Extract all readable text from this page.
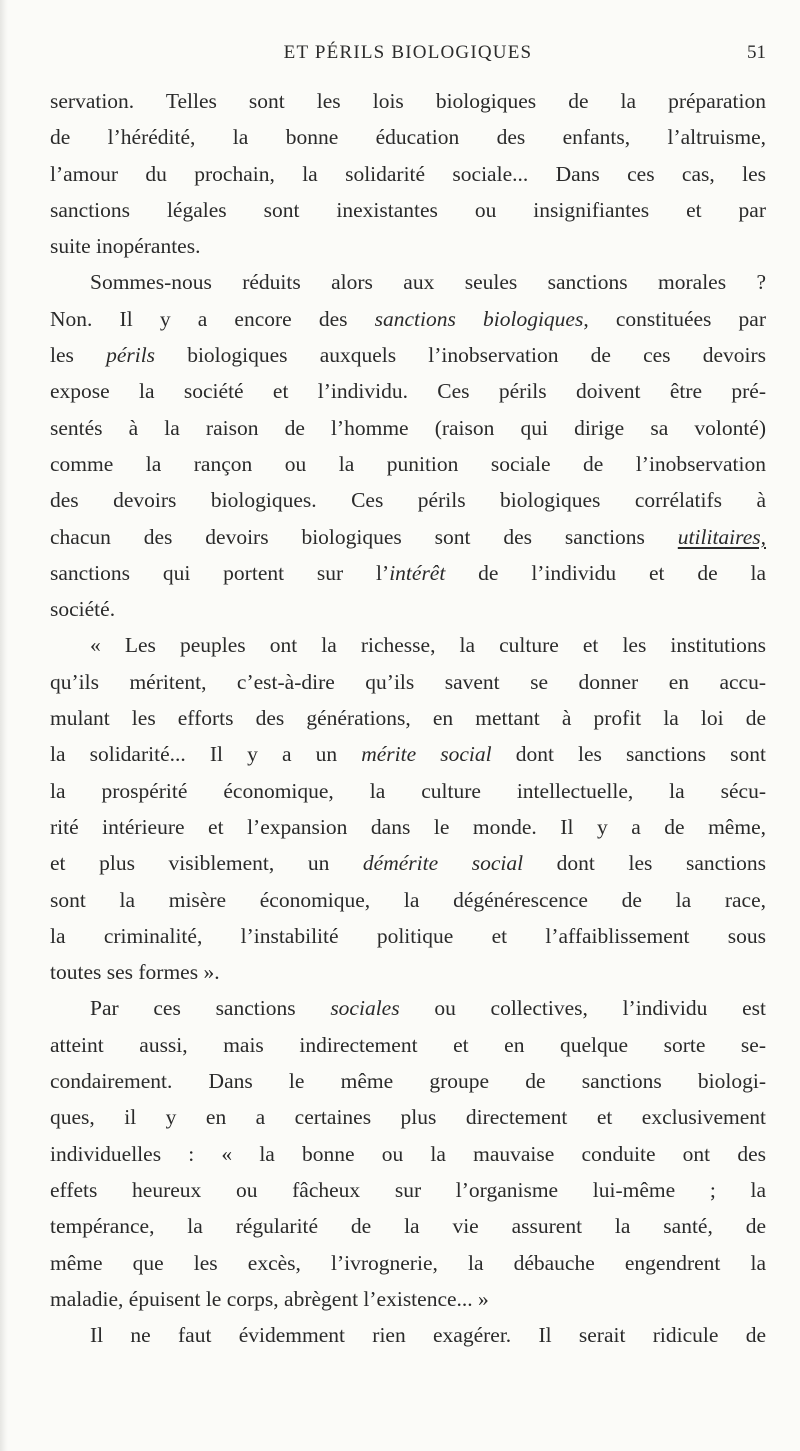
ET PÉRILS BIOLOGIQUES	51
servation. Telles sont les lois biologiques de la préparation
de l’hérédité, la bonne éducation des enfants, l’altruisme,
l’amour du prochain, la solidarité sociale... Dans ces cas, les
sanctions légales sont inexistantes ou insignifiantes et par
suite inopérantes.
Sommes-nous réduits alors aux seules sanctions morales ?
Non. Il y a encore des sanctions biologiques, constituées par
les périls biologiques auxquels l’inobservation de ces devoirs
expose la société et l’individu. Ces périls doivent être pré-
sentés à la raison de l’homme (raison qui dirige sa volonté)
comme la rançon ou la punition sociale de l’inobservation
des devoirs biologiques. Ces périls biologiques corrélatifs à
chacun des devoirs biologiques sont des sanctions utilitaires,
sanctions qui portent sur l’intérêt de l’individu et de la
société.
« Les peuples ont la richesse, la culture et les institutions
qu’ils méritent, c’est-à-dire qu’ils savent se donner en accu-
mulant les efforts des générations, en mettant à profit la loi de
la solidarité... Il y a un mérite social dont les sanctions sont
la prospérité économique, la culture intellectuelle, la sécu-
rité intérieure et l’expansion dans le monde. Il y a de même,
et plus visiblement, un démérite social dont les sanctions
sont la misère économique, la dégénérescence de la race,
la criminalité, l’instabilité politique et l’affaiblissement sous
toutes ses formes ».
Par ces sanctions sociales ou collectives, l’individu est
atteint aussi, mais indirectement et en quelque sorte se-
condairement. Dans le même groupe de sanctions biologi-
ques, il y en a certaines plus directement et exclusivement
individuelles : « la bonne ou la mauvaise conduite ont des
effets heureux ou fâcheux sur l’organisme lui-même ; la
tempérance, la régularité de la vie assurent la santé, de
même que les excès, l’ivrognerie, la débauche engendrent la
maladie, épuisent le corps, abrègent l’existence... »
Il ne faut évidemment rien exagérer. Il serait ridicule de
